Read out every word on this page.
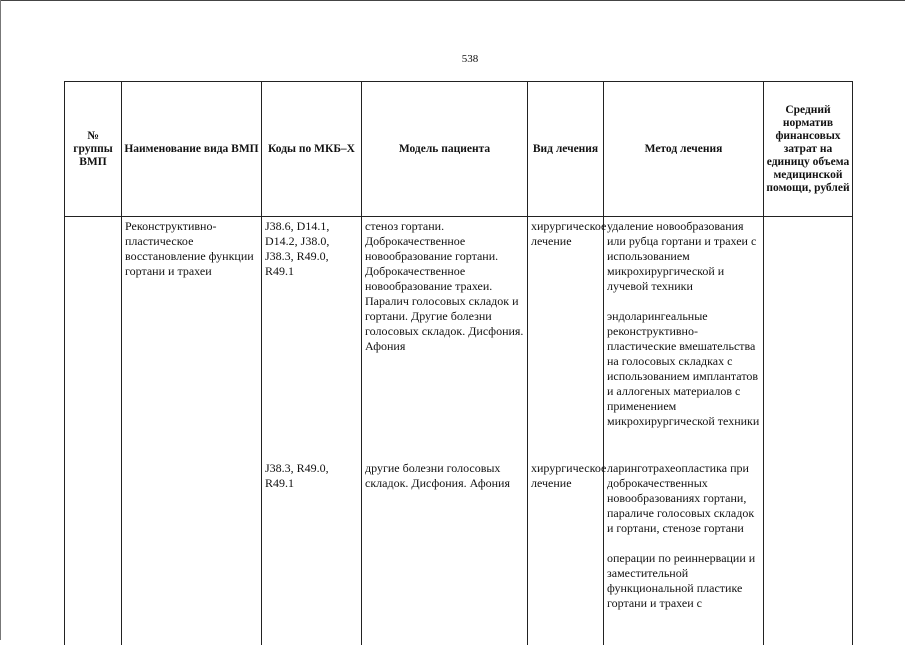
538
№ группы ВМП	Наименование вида ВМП	Коды по МКБ–Х	Модель пациента	Вид лечения	Метод лечения	Средний норматив финансовых затрат на единицу объема медицинской помощи, рублей
	Реконструктивно-пластическое восстановление функции гортани и трахеи	J38.6, D14.1, D14.2, J38.0, J38.3, R49.0, R49.1	стеноз гортани. Доброкачественное новообразование гортани. Доброкачественное новообразование трахеи. Паралич голосовых складок и гортани. Другие болезни голосовых складок. Дисфония. Афония	хирургическое лечение	удаление новообразования или рубца гортани и трахеи с использованием микрохирургической и лучевой техники

эндоларингеальные реконструктивно-пластические вмешательства на голосовых складках с использованием имплантатов и аллогеных материалов с применением микрохирургической техники	

		J38.3, R49.0, R49.1	другие болезни голосовых складок. Дисфония. Афония	хирургическое лечение	ларинготрахеопластика при доброкачественных новообразованиях гортани, параличе голосовых складок и гортани, стенозе гортани

операции по реиннервации и заместительной функциональной пластике гортани и трахеи с	
